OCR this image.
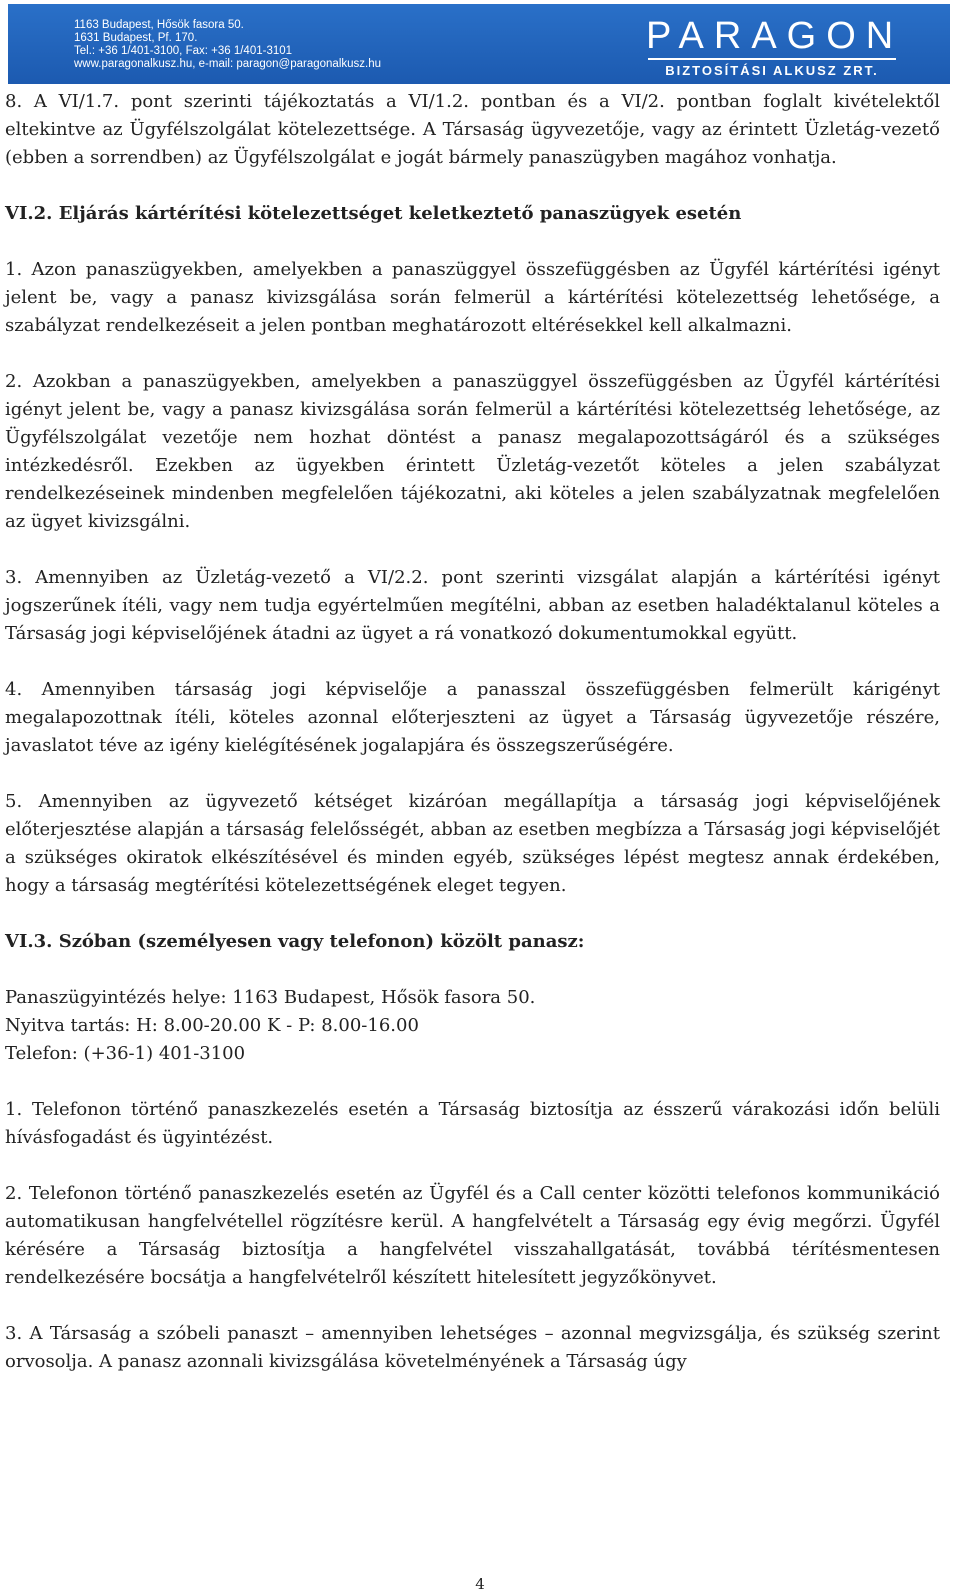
1163 Budapest, Hősök fasora 50.
1631 Budapest, Pf. 170.
Tel.: +36 1/401-3100, Fax: +36 1/401-3101
www.paragonalkusz.hu, e-mail: paragon@paragonalkusz.hu
PARAGON
BIZTOSÍTÁSI ALKUSZ ZRT.

8. A VI/1.7. pont szerinti tájékoztatás a VI/1.2. pontban és a VI/2. pontban foglalt kivételektől eltekintve az Ügyfélszolgálat kötelezettsége. A Társaság ügyvezetője, vagy az érintett Üzletág-vezető (ebben a sorrendben) az Ügyfélszolgálat e jogát bármely panaszügyben magához vonhatja.

VI.2. Eljárás kártérítési kötelezettséget keletkeztető panaszügyek esetén

1. Azon panaszügyekben, amelyekben a panaszüggyel összefüggésben az Ügyfél kártérítési igényt jelent be, vagy a panasz kivizsgálása során felmerül a kártérítési kötelezettség lehetősége, a szabályzat rendelkezéseit a jelen pontban meghatározott eltérésekkel kell alkalmazni.

2. Azokban a panaszügyekben, amelyekben a panaszüggyel összefüggésben az Ügyfél kártérítési igényt jelent be, vagy a panasz kivizsgálása során felmerül a kártérítési kötelezettség lehetősége, az Ügyfélszolgálat vezetője nem hozhat döntést a panasz megalapozottságáról és a szükséges intézkedésről. Ezekben az ügyekben érintett Üzletág-vezetőt köteles a jelen szabályzat rendelkezéseinek mindenben megfelelően tájékozatni, aki köteles a jelen szabályzatnak megfelelően az ügyet kivizsgálni.

3. Amennyiben az Üzletág-vezető a VI/2.2. pont szerinti vizsgálat alapján a kártérítési igényt jogszerűnek ítéli, vagy nem tudja egyértelműen megítélni, abban az esetben haladéktalanul köteles a Társaság jogi képviselőjének átadni az ügyet a rá vonatkozó dokumentumokkal együtt.

4. Amennyiben társaság jogi képviselője a panasszal összefüggésben felmerült kárigényt megalapozottnak ítéli, köteles azonnal előterjeszteni az ügyet a Társaság ügyvezetője részére, javaslatot téve az igény kielégítésének jogalapjára és összegszerűségére.

5. Amennyiben az ügyvezető kétséget kizáróan megállapítja a társaság jogi képviselőjének előterjesztése alapján a társaság felelősségét, abban az esetben megbízza a Társaság jogi képviselőjét a szükséges okiratok elkészítésével és minden egyéb, szükséges lépést megtesz annak érdekében, hogy a társaság megtérítési kötelezettségének eleget tegyen.

VI.3. Szóban (személyesen vagy telefonon) közölt panasz:
Panaszügyintézés helye: 1163 Budapest, Hősök fasora 50.
Nyitva tartás: H: 8.00-20.00 K - P: 8.00-16.00
Telefon: (+36-1) 401-3100

1. Telefonon történő panaszkezelés esetén a Társaság biztosítja az ésszerű várakozási időn belüli hívásfogadást és ügyintézést.

2. Telefonon történő panaszkezelés esetén az Ügyfél és a Call center közötti telefonos kommunikáció automatikusan hangfelvétellel rögzítésre kerül. A hangfelvételt a Társaság egy évig megőrzi. Ügyfél kérésére a Társaság biztosítja a hangfelvétel visszahallgatását, továbbá térítésmentesen rendelkezésére bocsátja a hangfelvételről készített hitelesített jegyzőkönyvet.

3. A Társaság a szóbeli panaszt – amennyiben lehetséges – azonnal megvizsgálja, és szükség szerint orvosolja. A panasz azonnali kivizsgálása követelményének a Társaság úgy

4
